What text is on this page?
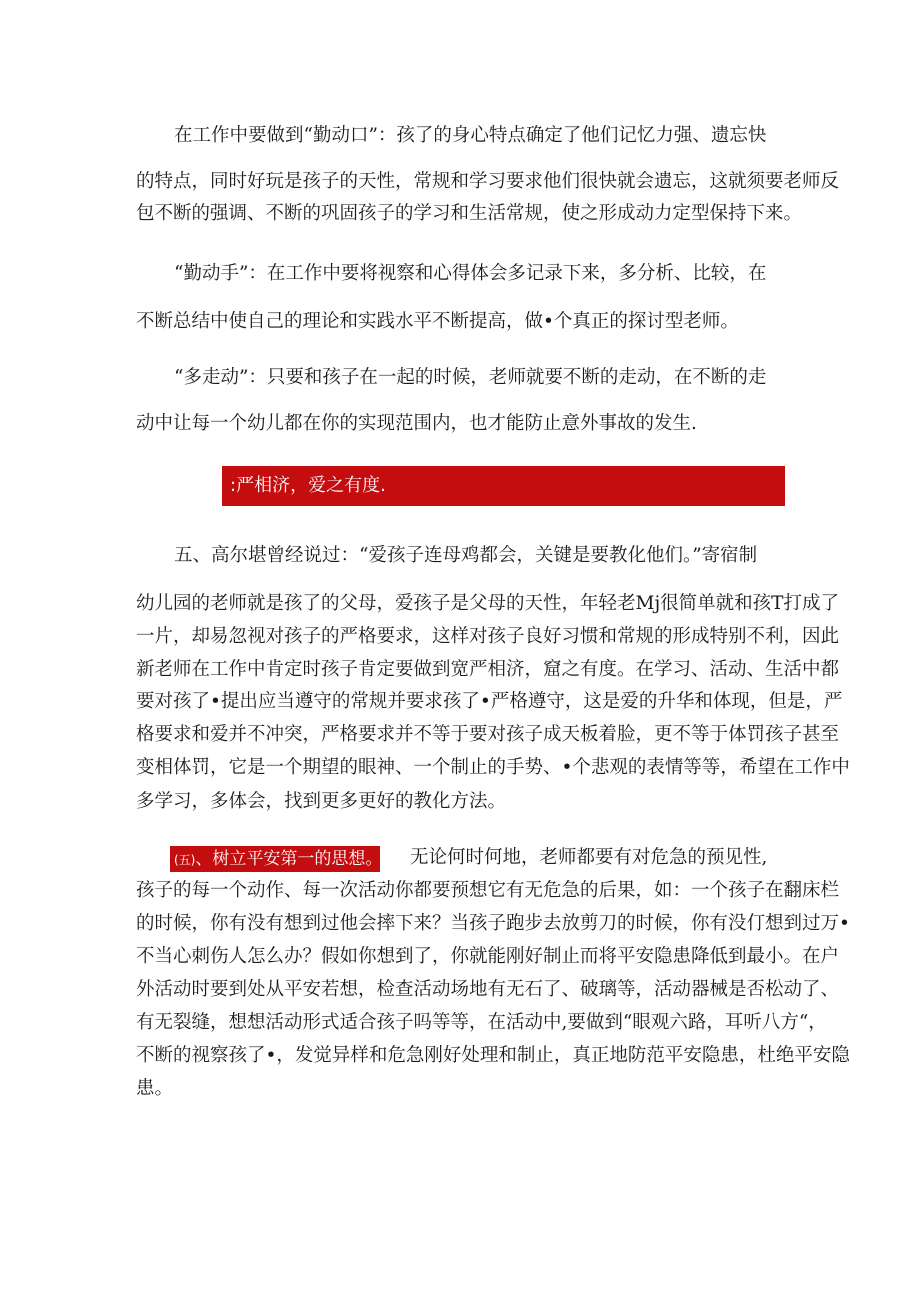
在工作中要做到“勤动口”：孩了的身心特点确定了他们记忆力强、遗忘快
的特点，同时好玩是孩子的天性，常规和学习要求他们很快就会遗忘，这就须要老师反
包不断的强调、不断的巩固孩子的学习和生活常规，使之形成动力定型保持下来。
“勤动手”：在工作中要将视察和心得体会多记录下来，多分析、比较，在
不断总结中使自己的理论和实践水平不断提高，做•个真正的探讨型老师。
“多走动”：只要和孩子在一起的时候，老师就要不断的走动，在不断的走
动中让每一个幼儿都在你的实现范围内，也才能防止意外事故的发生.
:严相济，爱之有度.
五、高尔堪曾经说过：“爱孩子连母鸡都会，关键是要教化他们。”寄宿制
幼儿园的老师就是孩了的父母，爱孩子是父母的天性，年轻老Mj很简单就和孩T打成了
一片，却易忽视对孩子的严格要求，这样对孩子良好习惯和常规的形成特别不利，因此
新老师在工作中肯定时孩子肯定要做到宽严相济，窟之有度。在学习、活动、生活中都
要对孩了•提出应当遵守的常规并要求孩了•严格遵守，这是爱的升华和体现，但是，严
格要求和爱并不冲突，严格要求并不等于要对孩子成天板着脸，更不等于体罚孩子甚至
变相体罚，它是一个期望的眼神、一个制止的手势、•个悲观的表情等等，希望在工作中
多学习，多体会，找到更多更好的教化方法。
(五)、树立平安第一的思想。 无论何时何地，老师都要有对危急的预见性,
孩子的每一个动作、每一次活动你都要预想它有无危急的后果，如：一个孩子在翻床栏
的时候，你有没有想到过他会摔下来？当孩子跑步去放剪刀的时候，你有没仃想到过万•
不当心刺伤人怎么办？假如你想到了，你就能刚好制止而将平安隐患降低到最小。在户
外活动时要到处从平安若想，检查活动场地有无石了、破璃等，活动器械是否松动了、
有无裂缝，想想活动形式适合孩子吗等等，在活动中,要做到“眼观六路，耳听八方“，
不断的视察孩了•，发觉异样和危急刚好处理和制止，真正地防范平安隐患，杜绝平安隐
患。
